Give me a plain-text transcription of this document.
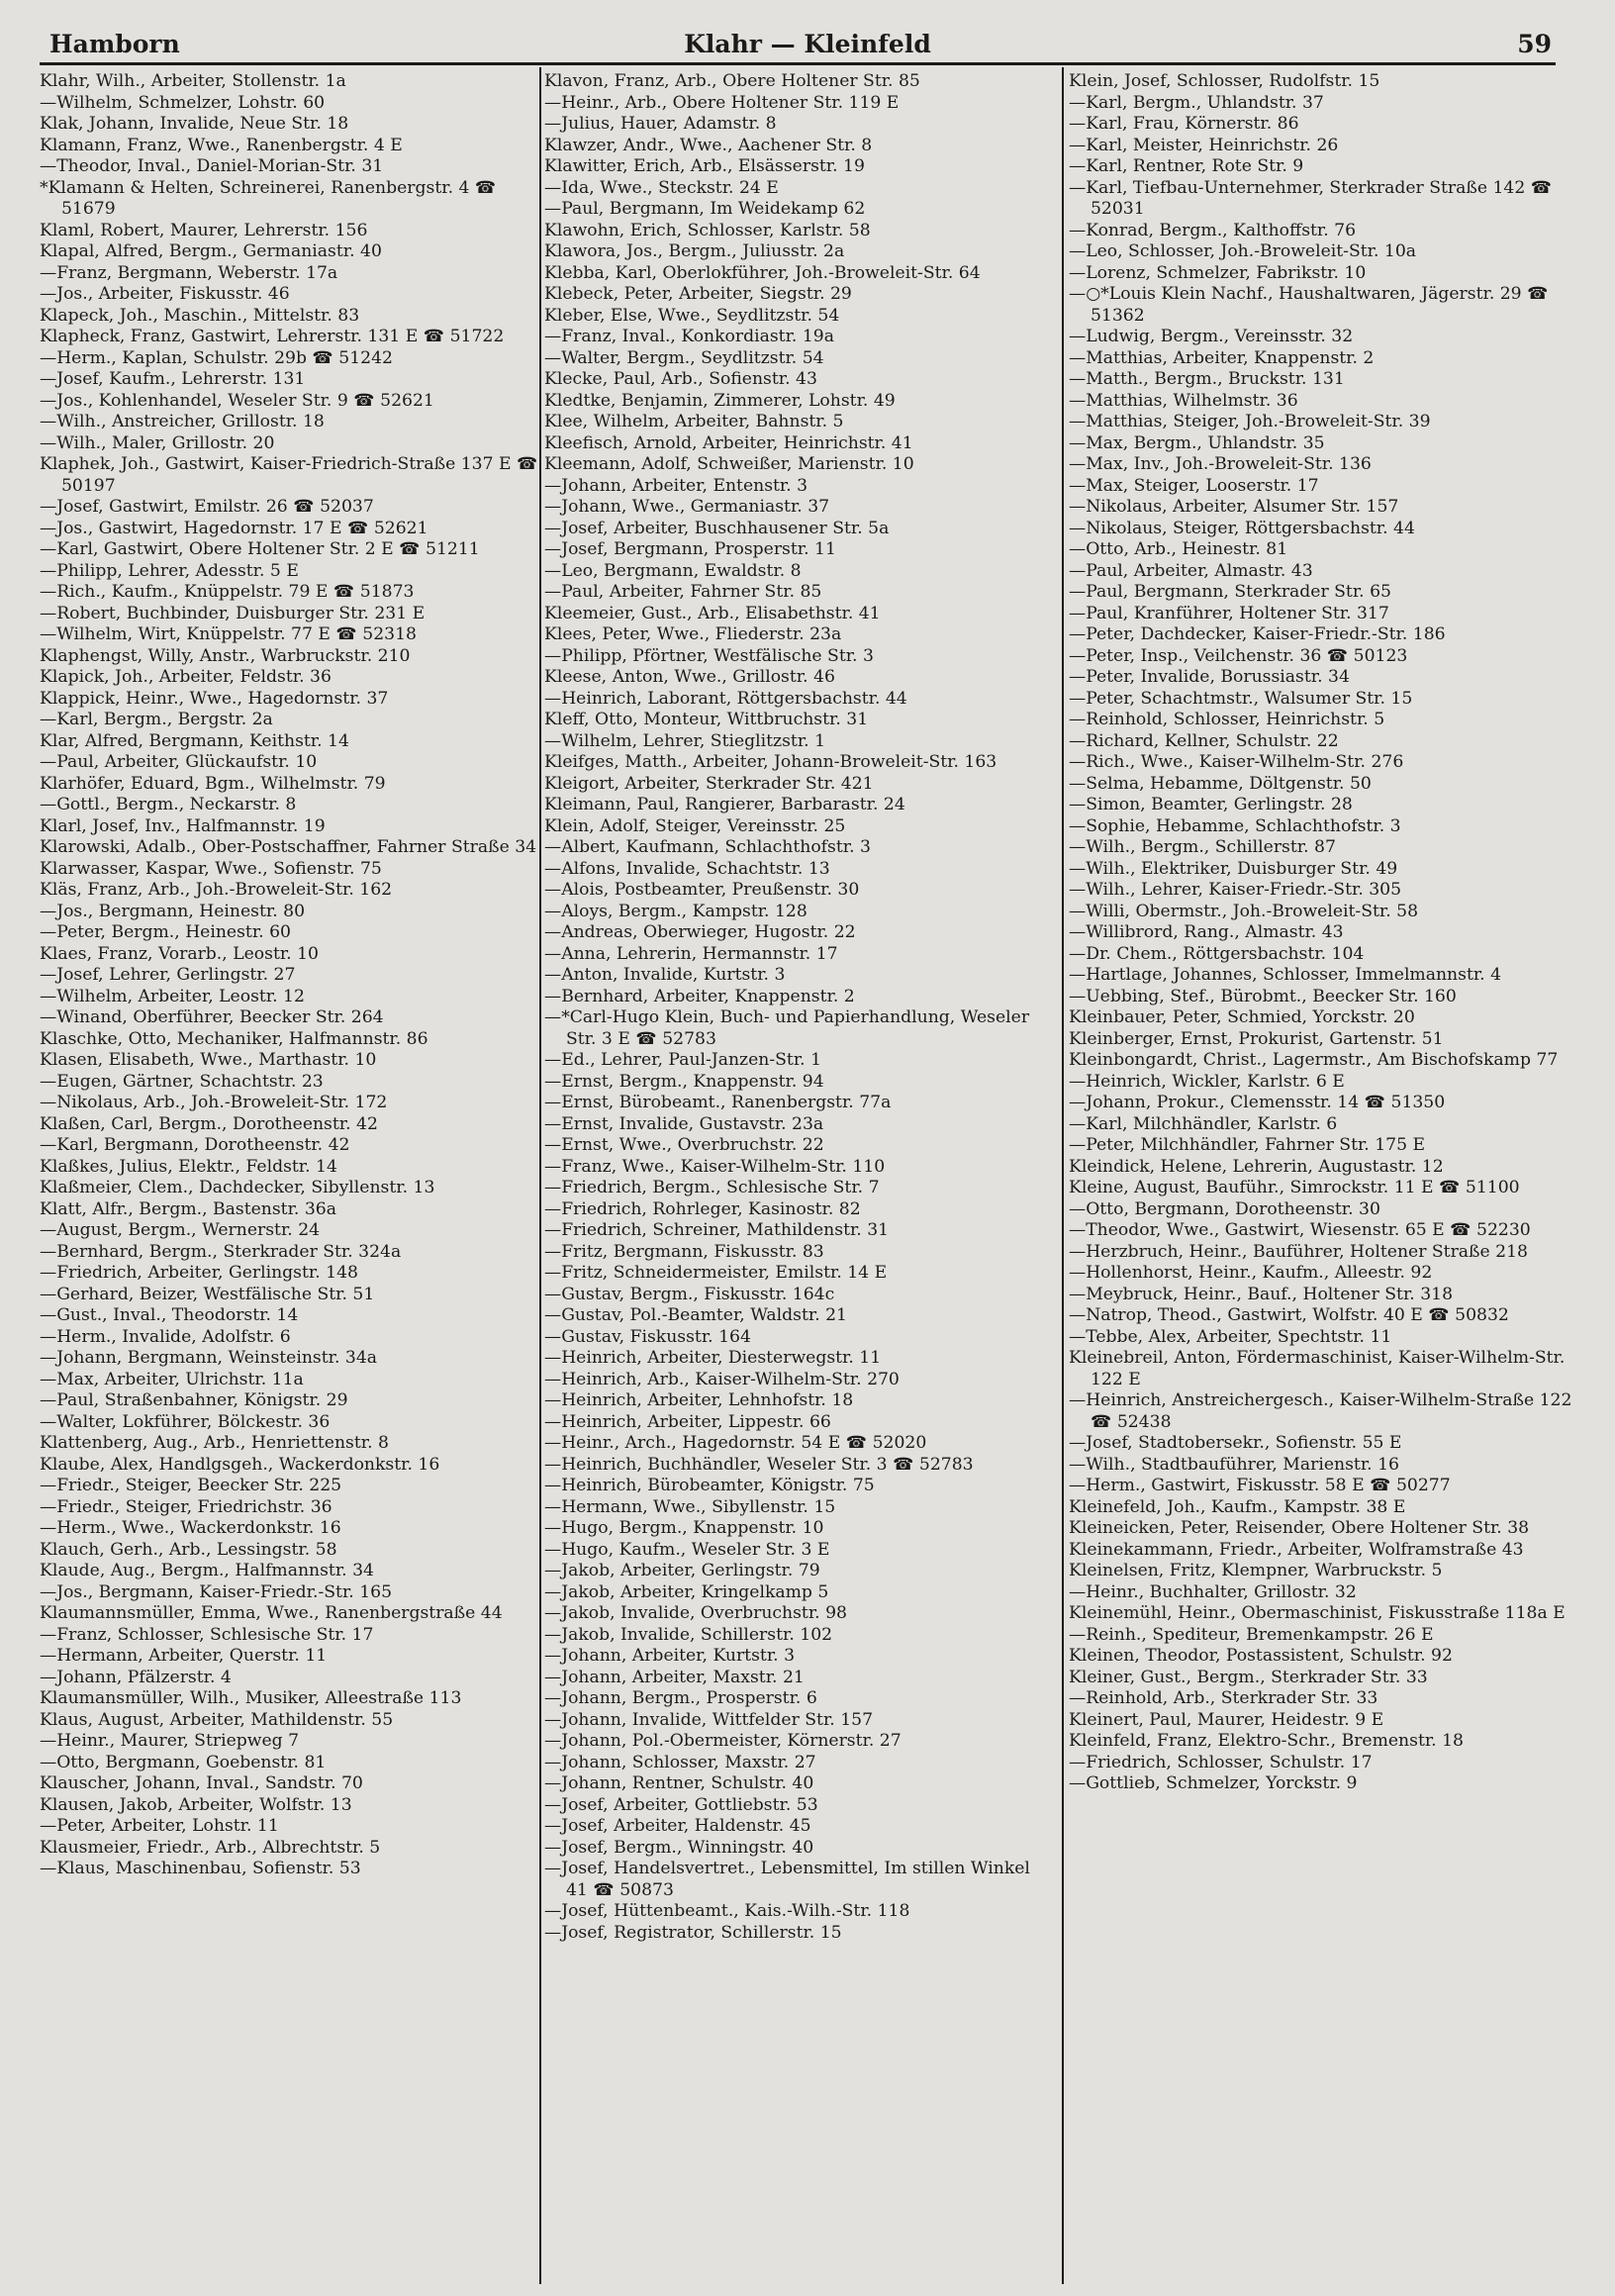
Hamborn	Klahr — Kleinfeld	59
Klahr, Wilh., Arbeiter, Stollenstr. 1a
—Wilhelm, Schmelzer, Lohstr. 60
Klak, Johann, Invalide, Neue Str. 18
Klamann, Franz, Wwe., Ranenbergstr. 4 E
—Theodor, Inval., Daniel-Morian-Str. 31
*Klamann & Helten, Schreinerei, Ranenbergstr. 4 ☎ 51679
Klaml, Robert, Maurer, Lehrerstr. 156
Klapal, Alfred, Bergm., Germaniastr. 40
—Franz, Bergmann, Weberstr. 17a
—Jos., Arbeiter, Fiskusstr. 46
Klapeck, Joh., Maschin., Mittelstr. 83
Klapheck, Franz, Gastwirt, Lehrerstr. 131 E ☎ 51722
—Herm., Kaplan, Schulstr. 29b ☎ 51242
—Josef, Kaufm., Lehrerstr. 131
—Jos., Kohlenhandel, Weseler Str. 9 ☎ 52621
—Wilh., Anstreicher, Grillostr. 18
—Wilh., Maler, Grillostr. 20
Klaphek, Joh., Gastwirt, Kaiser-Friedrich-Straße 137 E ☎ 50197
—Josef, Gastwirt, Emilstr. 26 ☎ 52037
—Jos., Gastwirt, Hagedornstr. 17 E ☎ 52621
—Karl, Gastwirt, Obere Holtener Str. 2 E ☎ 51211
—Philipp, Lehrer, Adesstr. 5 E
—Rich., Kaufm., Knüppelstr. 79 E ☎ 51873
—Robert, Buchbinder, Duisburger Str. 231 E
—Wilhelm, Wirt, Knüppelstr. 77 E ☎ 52318
Klaphengst, Willy, Anstr., Warbruckstr. 210
Klapick, Joh., Arbeiter, Feldstr. 36
Klappick, Heinr., Wwe., Hagedornstr. 37
—Karl, Bergm., Bergstr. 2a
Klar, Alfred, Bergmann, Keithstr. 14
—Paul, Arbeiter, Glückaufstr. 10
Klarhöfer, Eduard, Bgm., Wilhelmstr. 79
—Gottl., Bergm., Neckarstr. 8
Klarl, Josef, Inv., Halfmannstr. 19
Klarowski, Adalb., Ober-Postschaffner, Fahrner Straße 34
Klarwasser, Kaspar, Wwe., Sofienstr. 75
Kläs, Franz, Arb., Joh.-Broweleit-Str. 162
—Jos., Bergmann, Heinestr. 80
—Peter, Bergm., Heinestr. 60
Klaes, Franz, Vorarb., Leostr. 10
—Josef, Lehrer, Gerlingstr. 27
—Wilhelm, Arbeiter, Leostr. 12
—Winand, Oberführer, Beecker Str. 264
Klaschke, Otto, Mechaniker, Halfmannstr. 86
Klasen, Elisabeth, Wwe., Marthastr. 10
—Eugen, Gärtner, Schachtstr. 23
—Nikolaus, Arb., Joh.-Broweleit-Str. 172
Klaßen, Carl, Bergm., Dorotheenstr. 42
—Karl, Bergmann, Dorotheenstr. 42
Klaßkes, Julius, Elektr., Feldstr. 14
Klaßmeier, Clem., Dachdecker, Sibyllenstr. 13
Klatt, Alfr., Bergm., Bastenstr. 36a
—August, Bergm., Wernerstr. 24
—Bernhard, Bergm., Sterkrader Str. 324a
—Friedrich, Arbeiter, Gerlingstr. 148
—Gerhard, Beizer, Westfälische Str. 51
—Gust., Inval., Theodorstr. 14
—Herm., Invalide, Adolfstr. 6
—Johann, Bergmann, Weinsteinstr. 34a
—Max, Arbeiter, Ulrichstr. 11a
—Paul, Straßenbahner, Königstr. 29
—Walter, Lokführer, Bölckestr. 36
Klattenberg, Aug., Arb., Henriettenstr. 8
Klaube, Alex, Handlgsgeh., Wackerdonkstr. 16
—Friedr., Steiger, Beecker Str. 225
—Friedr., Steiger, Friedrichstr. 36
—Herm., Wwe., Wackerdonkstr. 16
Klauch, Gerh., Arb., Lessingstr. 58
Klaude, Aug., Bergm., Halfmannstr. 34
—Jos., Bergmann, Kaiser-Friedr.-Str. 165
Klaumannsmüller, Emma, Wwe., Ranenbergstraße 44
—Franz, Schlosser, Schlesische Str. 17
—Hermann, Arbeiter, Querstr. 11
—Johann, Pfälzerstr. 4
Klaumansmüller, Wilh., Musiker, Alleestraße 113
Klaus, August, Arbeiter, Mathildenstr. 55
—Heinr., Maurer, Striepweg 7
—Otto, Bergmann, Goebenstr. 81
Klauscher, Johann, Inval., Sandstr. 70
Klausen, Jakob, Arbeiter, Wolfstr. 13
—Peter, Arbeiter, Lohstr. 11
Klausmeier, Friedr., Arb., Albrechtstr. 5
—Klaus, Maschinenbau, Sofienstr. 53
Klavon, Franz, Arb., Obere Holtener Str. 85
—Heinr., Arb., Obere Holtener Str. 119 E
—Julius, Hauer, Adamstr. 8
Klawzer, Andr., Wwe., Aachener Str. 8
Klawitter, Erich, Arb., Elsässerstr. 19
—Ida, Wwe., Steckstr. 24 E
—Paul, Bergmann, Im Weidekamp 62
Klawohn, Erich, Schlosser, Karlstr. 58
Klawora, Jos., Bergm., Juliusstr. 2a
Klebba, Karl, Oberlokführer, Joh.-Broweleit-Str. 64
Klebeck, Peter, Arbeiter, Siegstr. 29
Kleber, Else, Wwe., Seydlitzstr. 54
—Franz, Inval., Konkordiastr. 19a
—Walter, Bergm., Seydlitzstr. 54
Klecke, Paul, Arb., Sofienstr. 43
Kledtke, Benjamin, Zimmerer, Lohstr. 49
Klee, Wilhelm, Arbeiter, Bahnstr. 5
Kleefisch, Arnold, Arbeiter, Heinrichstr. 41
Kleemann, Adolf, Schweißer, Marienstr. 10
—Johann, Arbeiter, Entenstr. 3
—Johann, Wwe., Germaniastr. 37
—Josef, Arbeiter, Buschhausener Str. 5a
—Josef, Bergmann, Prosperstr. 11
—Leo, Bergmann, Ewaldstr. 8
—Paul, Arbeiter, Fahrner Str. 85
Kleemeier, Gust., Arb., Elisabethstr. 41
Klees, Peter, Wwe., Fliederstr. 23a
—Philipp, Pförtner, Westfälische Str. 3
Kleese, Anton, Wwe., Grillostr. 46
—Heinrich, Laborant, Röttgersbachstr. 44
Kleff, Otto, Monteur, Wittbruchstr. 31
—Wilhelm, Lehrer, Stieglitzstr. 1
Kleifges, Matth., Arbeiter, Johann-Broweleit-Str. 163
Kleigort, Arbeiter, Sterkrader Str. 421
Kleimann, Paul, Rangierer, Barbarastr. 24
Klein, Adolf, Steiger, Vereinsstr. 25
—Albert, Kaufmann, Schlachthofstr. 3
—Alfons, Invalide, Schachtstr. 13
—Alois, Postbeamter, Preußenstr. 30
—Aloys, Bergm., Kampstr. 128
—Andreas, Oberwieger, Hugostr. 22
—Anna, Lehrerin, Hermannstr. 17
—Anton, Invalide, Kurtstr. 3
—Bernhard, Arbeiter, Knappenstr. 2
—*Carl-Hugo Klein, Buch- und Papierhandlung, Weseler Str. 3 E ☎ 52783
—Ed., Lehrer, Paul-Janzen-Str. 1
—Ernst, Bergm., Knappenstr. 94
—Ernst, Bürobeamt., Ranenbergstr. 77a
—Ernst, Invalide, Gustavstr. 23a
—Ernst, Wwe., Overbruchstr. 22
—Franz, Wwe., Kaiser-Wilhelm-Str. 110
—Friedrich, Bergm., Schlesische Str. 7
—Friedrich, Rohrleger, Kasinostr. 82
—Friedrich, Schreiner, Mathildenstr. 31
—Fritz, Bergmann, Fiskusstr. 83
—Fritz, Schneidermeister, Emilstr. 14 E
—Gustav, Bergm., Fiskusstr. 164c
—Gustav, Pol.-Beamter, Waldstr. 21
—Gustav, Fiskusstr. 164
—Heinrich, Arbeiter, Diesterwegstr. 11
—Heinrich, Arb., Kaiser-Wilhelm-Str. 270
—Heinrich, Arbeiter, Lehnhofstr. 18
—Heinrich, Arbeiter, Lippestr. 66
—Heinr., Arch., Hagedornstr. 54 E ☎ 52020
—Heinrich, Buchhändler, Weseler Str. 3 ☎ 52783
—Heinrich, Bürobeamter, Königstr. 75
—Hermann, Wwe., Sibyllenstr. 15
—Hugo, Bergm., Knappenstr. 10
—Hugo, Kaufm., Weseler Str. 3 E
—Jakob, Arbeiter, Gerlingstr. 79
—Jakob, Arbeiter, Kringelkamp 5
—Jakob, Invalide, Overbruchstr. 98
—Jakob, Invalide, Schillerstr. 102
—Johann, Arbeiter, Kurtstr. 3
—Johann, Arbeiter, Maxstr. 21
—Johann, Bergm., Prosperstr. 6
—Johann, Invalide, Wittfelder Str. 157
—Johann, Pol.-Obermeister, Körnerstr. 27
—Johann, Schlosser, Maxstr. 27
—Johann, Rentner, Schulstr. 40
—Josef, Arbeiter, Gottliebstr. 53
—Josef, Arbeiter, Haldenstr. 45
—Josef, Bergm., Winningstr. 40
—Josef, Handelsvertret., Lebensmittel, Im stillen Winkel 41 ☎ 50873
—Josef, Hüttenbeamt., Kais.-Wilh.-Str. 118
—Josef, Registrator, Schillerstr. 15
Klein, Josef, Schlosser, Rudolfstr. 15
—Karl, Bergm., Uhlandstr. 37
—Karl, Frau, Körnerstr. 86
—Karl, Meister, Heinrichstr. 26
—Karl, Rentner, Rote Str. 9
—Karl, Tiefbau-Unternehmer, Sterkrader Straße 142 ☎ 52031
—Konrad, Bergm., Kalthoffstr. 76
—Leo, Schlosser, Joh.-Broweleit-Str. 10a
—Lorenz, Schmelzer, Fabrikstr. 10
—○*Louis Klein Nachf., Haushaltwaren, Jägerstr. 29 ☎ 51362
—Ludwig, Bergm., Vereinsstr. 32
—Matthias, Arbeiter, Knappenstr. 2
—Matth., Bergm., Bruckstr. 131
—Matthias, Wilhelmstr. 36
—Matthias, Steiger, Joh.-Broweleit-Str. 39
—Max, Bergm., Uhlandstr. 35
—Max, Inv., Joh.-Broweleit-Str. 136
—Max, Steiger, Looserstr. 17
—Nikolaus, Arbeiter, Alsumer Str. 157
—Nikolaus, Steiger, Röttgersbachstr. 44
—Otto, Arb., Heinestr. 81
—Paul, Arbeiter, Almastr. 43
—Paul, Bergmann, Sterkrader Str. 65
—Paul, Kranführer, Holtener Str. 317
—Peter, Dachdecker, Kaiser-Friedr.-Str. 186
—Peter, Insp., Veilchenstr. 36 ☎ 50123
—Peter, Invalide, Borussiastr. 34
—Peter, Schachtmstr., Walsumer Str. 15
—Reinhold, Schlosser, Heinrichstr. 5
—Richard, Kellner, Schulstr. 22
—Rich., Wwe., Kaiser-Wilhelm-Str. 276
—Selma, Hebamme, Döltgenstr. 50
—Simon, Beamter, Gerlingstr. 28
—Sophie, Hebamme, Schlachthofstr. 3
—Wilh., Bergm., Schillerstr. 87
—Wilh., Elektriker, Duisburger Str. 49
—Wilh., Lehrer, Kaiser-Friedr.-Str. 305
—Willi, Obermstr., Joh.-Broweleit-Str. 58
—Willibrord, Rang., Almastr. 43
—Dr. Chem., Röttgersbachstr. 104
—Hartlage, Johannes, Schlosser, Immelmannstr. 4
—Uebbing, Stef., Bürobmt., Beecker Str. 160
Kleinbauer, Peter, Schmied, Yorckstr. 20
Kleinberger, Ernst, Prokurist, Gartenstr. 51
Kleinbongardt, Christ., Lagermstr., Am Bischofskamp 77
—Heinrich, Wickler, Karlstr. 6 E
—Johann, Prokur., Clemensstr. 14 ☎ 51350
—Karl, Milchhändler, Karlstr. 6
—Peter, Milchhändler, Fahrner Str. 175 E
Kleindick, Helene, Lehrerin, Augustastr. 12
Kleine, August, Bauführ., Simrockstr. 11 E ☎ 51100
—Otto, Bergmann, Dorotheenstr. 30
—Theodor, Wwe., Gastwirt, Wiesenstr. 65 E ☎ 52230
—Herzbruch, Heinr., Bauführer, Holtener Straße 218
—Hollenhorst, Heinr., Kaufm., Alleestr. 92
—Meybruck, Heinr., Bauf., Holtener Str. 318
—Natrop, Theod., Gastwirt, Wolfstr. 40 E ☎ 50832
—Tebbe, Alex, Arbeiter, Spechtstr. 11
Kleinebreil, Anton, Fördermaschinist, Kaiser-Wilhelm-Str. 122 E
—Heinrich, Anstreichergesch., Kaiser-Wilhelm-Straße 122 ☎ 52438
—Josef, Stadtobersekr., Sofienstr. 55 E
—Wilh., Stadtbauführer, Marienstr. 16
—Herm., Gastwirt, Fiskusstr. 58 E ☎ 50277
Kleinefeld, Joh., Kaufm., Kampstr. 38 E
Kleineicken, Peter, Reisender, Obere Holtener Str. 38
Kleinekammann, Friedr., Arbeiter, Wolframstraße 43
Kleinelsen, Fritz, Klempner, Warbruckstr. 5
—Heinr., Buchhalter, Grillostr. 32
Kleinemühl, Heinr., Obermaschinist, Fiskusstraße 118a E
—Reinh., Spediteur, Bremenkampstr. 26 E
Kleinen, Theodor, Postassistent, Schulstr. 92
Kleiner, Gust., Bergm., Sterkrader Str. 33
—Reinhold, Arb., Sterkrader Str. 33
Kleinert, Paul, Maurer, Heidestr. 9 E
Kleinfeld, Franz, Elektro-Schr., Bremenstr. 18
—Friedrich, Schlosser, Schulstr. 17
—Gottlieb, Schmelzer, Yorckstr. 9
